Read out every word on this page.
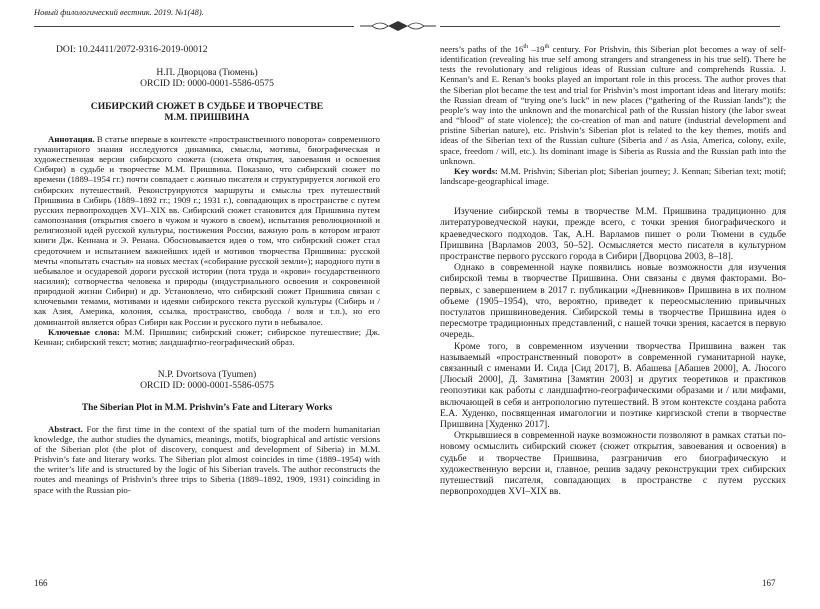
Новый филологический вестник. 2019. №1(48).

DOI: 10.24411/2072-9316-2019-00012

Н.П. Дворцова (Тюмень)

ORCID ID: 0000-0001-5586-0575

СИБИРСКИЙ СЮЖЕТ В СУДЬБЕ И ТВОРЧЕСТВЕ

М.М. ПРИШВИНА

Аннотация. В статье впервые в контексте «пространственного поворота» современного гуманитарного знания исследуются динамика, смыслы, мотивы, биографическая и художественная версии сибирского сюжета (сюжета открытия, завоевания и освоения Сибири) в судьбе и творчестве М.М. Пришвина. Показано, что сибирский сюжет по времени (1889–1954 гг.) почти совпадает с жизнью писателя и структурируется логикой его сибирских путешествий. Реконструируются маршруты и смыслы трех путешествий Пришвина в Сибирь (1889–1892 гг.; 1909 г.; 1931 г.), совпадающих в пространстве с путем русских первопроходцев XVI–XIX вв. Сибирский сюжет становится для Пришвина путем самопознания (открытия своего в чужом и чужого в своем), испытания революционной и религиозной идей русской культуры, постижения России, важную роль в котором играют книги Дж. Кеннана и Э. Ренана. Обосновывается идея о том, что сибирский сюжет стал средоточием и испытанием важнейших идей и мотивов творчества Пришвина: русской мечты «попытать счастья» на новых местах («собирание русской земли»); народного пути в небывалое и осударевой дороги русской истории (пота труда и «крови» государственного насилия); сотворчества человека и природы (индустриального освоения и сокровенной природной жизни Сибири) и др. Установлено, что сибирский сюжет Пришвина связан с ключевыми темами, мотивами и идеями сибирского текста русской культуры (Сибирь и / как Азия, Америка, колония, ссылка, пространство, свобода / воля и т.п.), но его доминантой является образ Сибири как России и русского пути в небывалое.

Ключевые слова: М.М. Пришвин; сибирский сюжет; сибирское путешествие; Дж. Кеннан; сибирский текст; мотив; ландшафтно-географический образ.

N.P. Dvortsova (Tyumen)

ORCID ID: 0000-0001-5586-0575

The Siberian Plot in M.M. Prishvin’s Fate and Literary Works

Abstract. For the first time in the context of the spatial turn of the modern humanitarian knowledge, the author studies the dynamics, meanings, motifs, biographical and artistic versions of the Siberian plot (the plot of discovery, conquest and development of Siberia) in M.M. Prishvin’s fate and literary works. The Siberian plot almost coincides in time (1889–1954) with the writer’s life and is structured by the logic of his Siberian travels. The author reconstructs the routes and meanings of Prishvin’s three trips to Siberia (1889–1892, 1909, 1931) coinciding in space with the Russian pio-

166

neers’s paths of the 16th –19th century. For Prishvin, this Siberian plot becomes a way of self-identification (revealing his true self among strangers and strangeness in his true self). There he tests the revolutionary and religious ideas of Russian culture and comprehends Russia. J. Kennan’s and E. Renan’s books played an important role in this process. The author proves that the Siberian plot became the test and trial for Prishvin’s most important ideas and literary motifs: the Russian dream of “trying one’s luck” in new places (“gathering of the Russian lands”); the people’s way into the unknown and the monarchical path of the Russian history (the labor sweat and “blood” of state violence); the co-creation of man and nature (industrial development and pristine Siberian nature), etc. Prishvin’s Siberian plot is related to the key themes, motifs and ideas of the Siberian text of the Russian culture (Siberia and / as Asia, America, colony, exile, space, freedom / will, etc.). Its dominant image is Siberia as Russia and the Russian path into the unknown.

Key words: M.M. Prishvin; Siberian plot; Siberian journey; J. Kennan; Siberian text; motif; landscape-geographical image.

Изучение сибирской темы в творчестве М.М. Пришвина традиционно для литературоведческой науки, прежде всего, с точки зрения биографического и краеведческого подходов. Так, А.Н. Варламов пишет о роли Тюмени в судьбе Пришвина [Варламов 2003, 50–52]. Осмысляется место писателя в культурном пространстве первого русского города в Сибири [Дворцова 2003, 8–18].

Однако в современной науке появились новые возможности для изучения сибирской темы в творчестве Пришвина. Они связаны с двумя факторами. Во-первых, с завершением в 2017 г. публикации «Дневников» Пришвина в их полном объеме (1905–1954), что, вероятно, приведет к переосмыслению привычных постулатов пришвиноведения. Сибирской темы в творчестве Пришвина идея о пересмотре традиционных представлений, с нашей точки зрения, касается в первую очередь.

Кроме того, в современном изучении творчества Пришвина важен так называемый «пространственный поворот» в современной гуманитарной науке, связанный с именами И. Сида [Сид 2017], В. Абашева [Абашев 2000], А. Люсого [Люсый 2000], Д. Замятина [Замятин 2003] и других теоретиков и практиков геопоэтики как работы с ландшафтно-географическими образами и / или мифами, включающей в себя и антропологию путешествий. В этом контексте создана работа Е.А. Худенко, посвященная имагологии и поэтике киргизской степи в творчестве Пришвина [Худенко 2017].

Открывшиеся в современной науке возможности позволяют в рамках статьи по-новому осмыслить сибирский сюжет (сюжет открытия, завоевания и освоения) в судьбе и творчестве Пришвина, разграничив его биографическую и художественную версии и, главное, решив задачу реконструкции трех сибирских путешествий писателя, совпадающих в пространстве с путем русских первопроходцев XVI–XIX вв.

167
